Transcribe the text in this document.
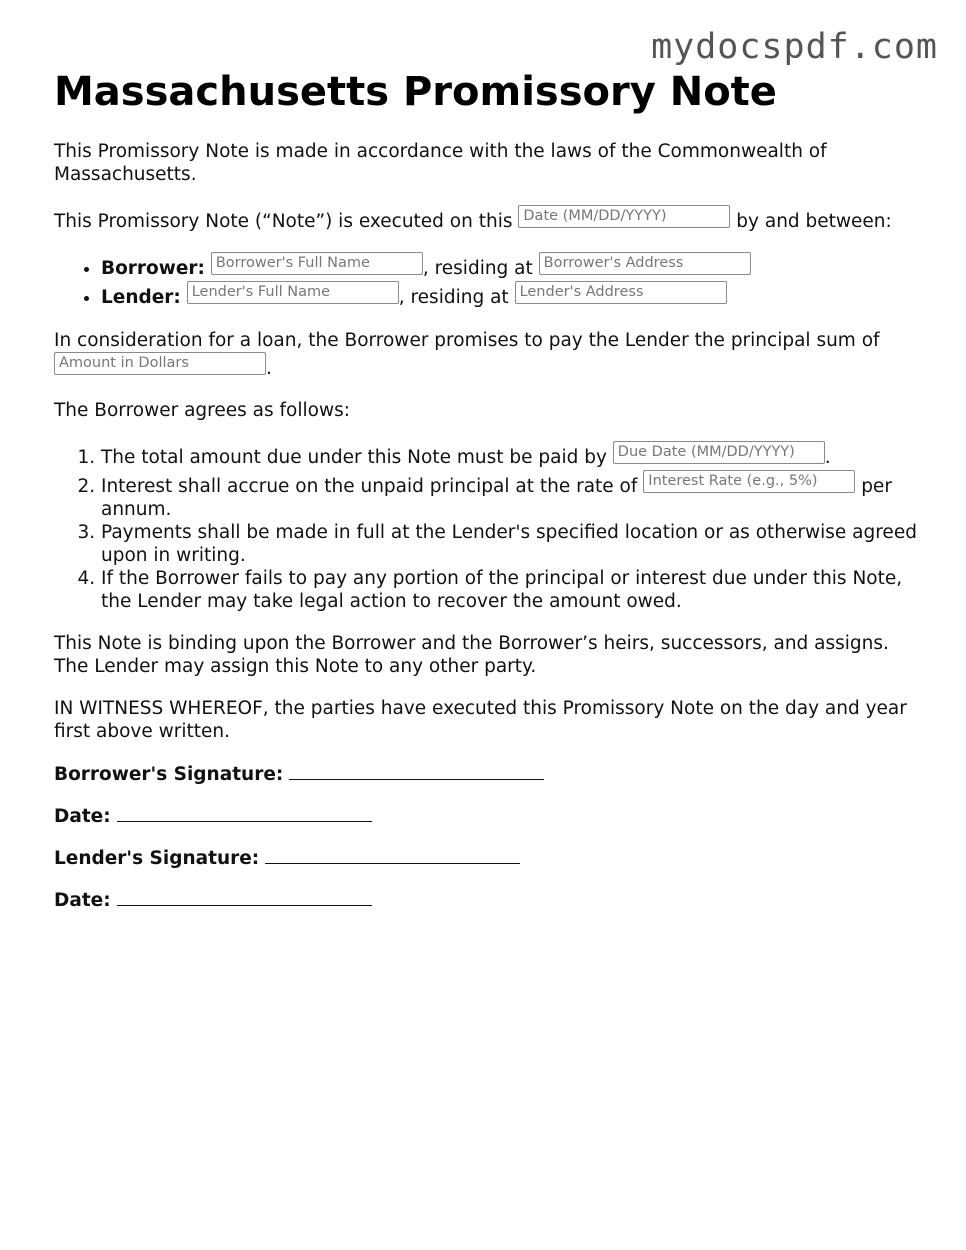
mydocspdf.com
Massachusetts Promissory Note

This Promissory Note is made in accordance with the laws of the Commonwealth of Massachusetts.

This Promissory Note (“Note”) is executed on this Date (MM/DD/YYYY)	by and between:

• Borrower: Borrower's Full Name	, residing at Borrower's Address
• Lender: Lender's Full Name	, residing at Lender's Address

In consideration for a loan, the Borrower promises to pay the Lender the principal sum of Amount in Dollars	.

The Borrower agrees as follows:

1. The total amount due under this Note must be paid by Due Date (MM/DD/YYYY) .
2. Interest shall accrue on the unpaid principal at the rate of Interest Rate (e.g., 5%) per annum.
3. Payments shall be made in full at the Lender's specified location or as otherwise agreed upon in writing.
4. If the Borrower fails to pay any portion of the principal or interest due under this Note, the Lender may take legal action to recover the amount owed.

This Note is binding upon the Borrower and the Borrower’s heirs, successors, and assigns. The Lender may assign this Note to any other party.

IN WITNESS WHEREOF, the parties have executed this Promissory Note on the day and year first above written.

Borrower's Signature:
Date:
Lender's Signature:
Date:
